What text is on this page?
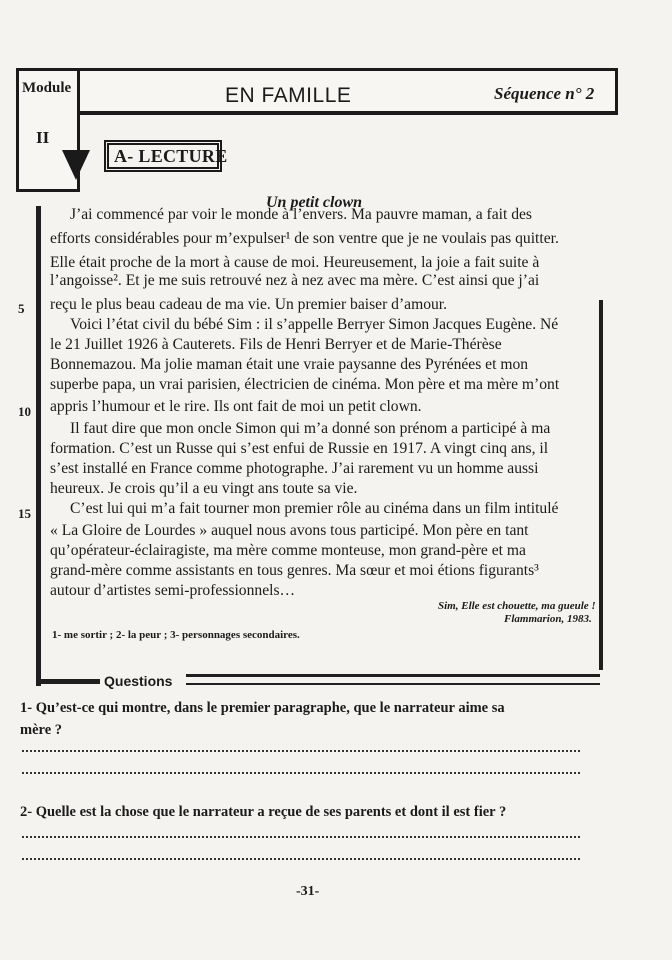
Module
II
EN FAMILLE	Séquence n° 2
A- LECTURE
Un petit clown
J’ai commencé par voir le monde à l’envers. Ma pauvre maman, a fait des
efforts considérables pour m’expulser¹ de son ventre que je ne voulais pas quitter.
Elle était proche de la mort à cause de moi. Heureusement, la joie a fait suite à
l’angoisse². Et je me suis retrouvé nez à nez avec ma mère. C’est ainsi que j’ai
reçu le plus beau cadeau de ma vie. Un premier baiser d’amour.
Voici l’état civil du bébé Sim : il s’appelle Berryer Simon Jacques Eugène. Né
le 21 Juillet 1926 à Cauterets. Fils de Henri Berryer et de Marie-Thérèse
Bonnemazou. Ma jolie maman était une vraie paysanne des Pyrénées et mon
superbe papa, un vrai parisien, électricien de cinéma. Mon père et ma mère m’ont
appris l’humour et le rire. Ils ont fait de moi un petit clown.
Il faut dire que mon oncle Simon qui m’a donné son prénom a participé à ma
formation. C’est un Russe qui s’est enfui de Russie en 1917. A vingt cinq ans, il
s’est installé en France comme photographe. J’ai rarement vu un homme aussi
heureux. Je crois qu’il a eu vingt ans toute sa vie.
C’est lui qui m’a fait tourner mon premier rôle au cinéma dans un film intitulé
« La Gloire de Lourdes » auquel nous avons tous participé. Mon père en tant
qu’opérateur-éclairagiste, ma mère comme monteuse, mon grand-père et ma
grand-mère comme assistants en tous genres. Ma sœur et moi étions figurants³
autour d’artistes semi-professionnels…
5
10
15
Sim, Elle est chouette, ma gueule !
Flammarion, 1983.
1- me sortir ; 2- la peur ; 3- personnages secondaires.
Questions
1- Qu’est-ce qui montre, dans le premier paragraphe, que le narrateur aime sa
mère ?
2- Quelle est la chose que le narrateur a reçue de ses parents et dont il est fier ?
-31-
